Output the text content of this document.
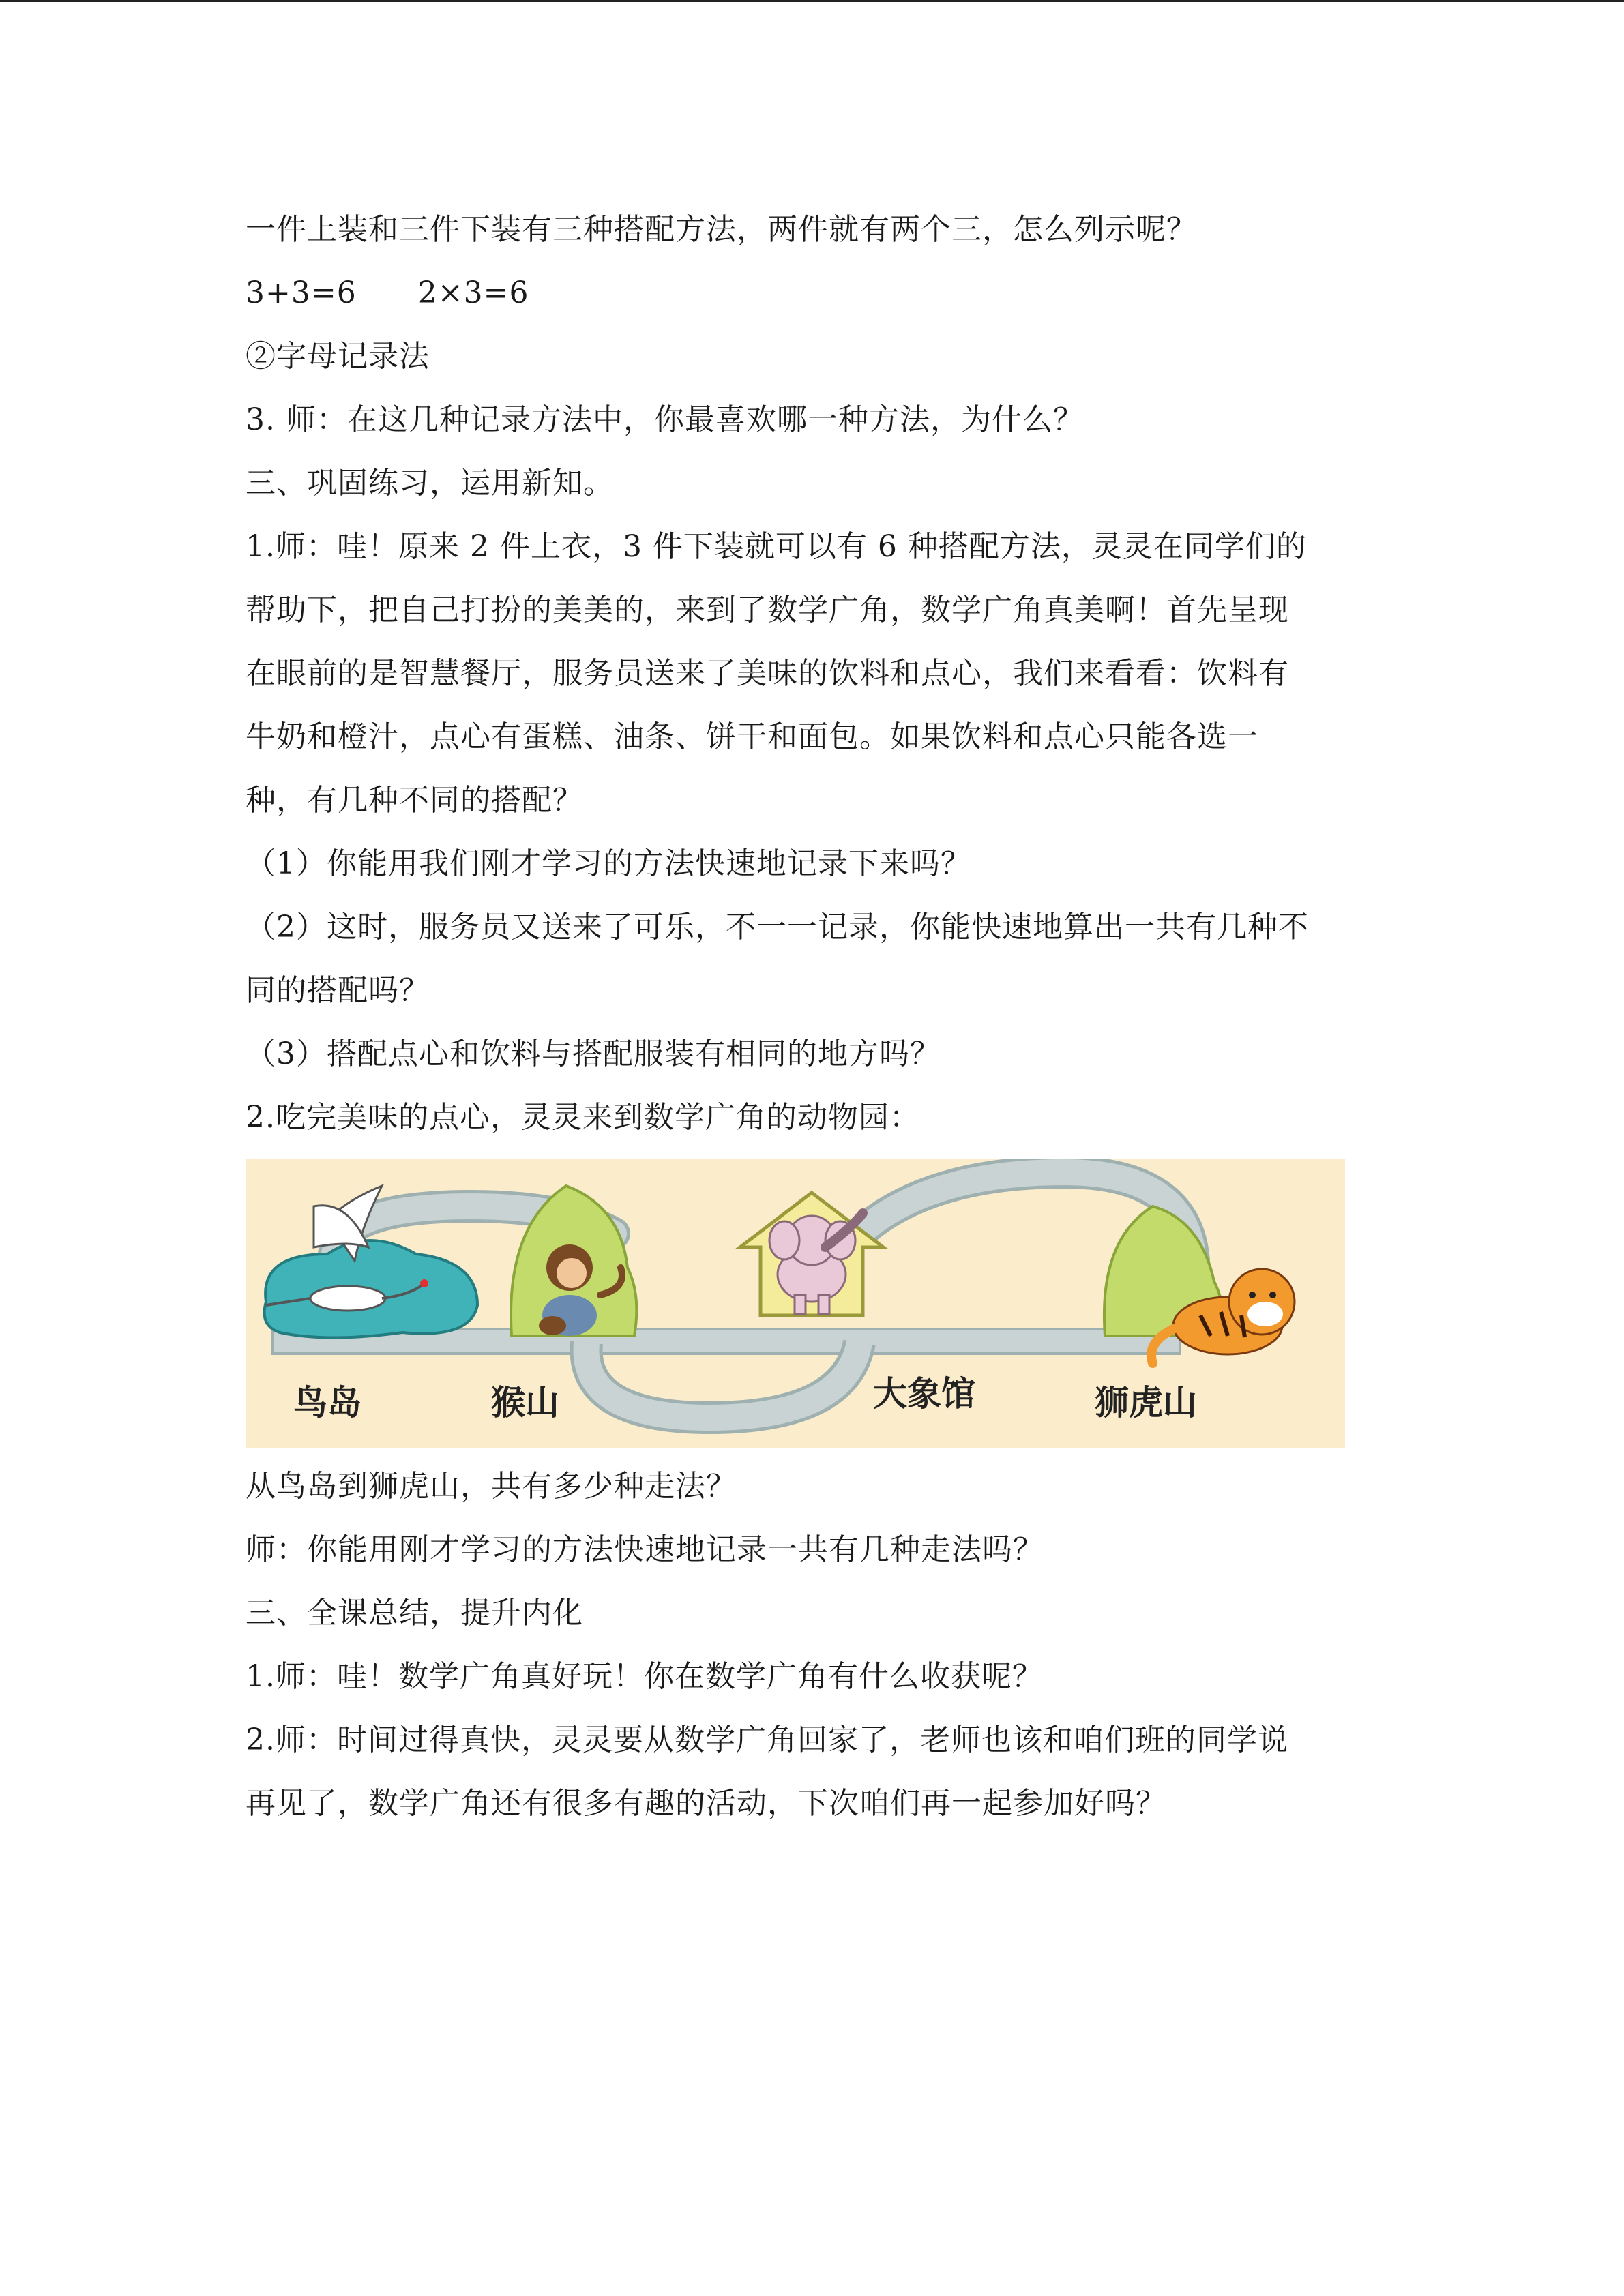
一件上装和三件下装有三种搭配方法，两件就有两个三，怎么列示呢？
3+3=6　　2×3=6
②字母记录法
3. 师：在这几种记录方法中，你最喜欢哪一种方法，为什么？
三、巩固练习，运用新知。
1.师：哇！原来 2 件上衣，3 件下装就可以有 6 种搭配方法，灵灵在同学们的
帮助下，把自己打扮的美美的，来到了数学广角，数学广角真美啊！首先呈现
在眼前的是智慧餐厅，服务员送来了美味的饮料和点心，我们来看看：饮料有
牛奶和橙汁，点心有蛋糕、油条、饼干和面包。如果饮料和点心只能各选一
种，有几种不同的搭配？
（1）你能用我们刚才学习的方法快速地记录下来吗？
（2）这时，服务员又送来了可乐，不一一记录，你能快速地算出一共有几种不
同的搭配吗？
（3）搭配点心和饮料与搭配服装有相同的地方吗？
2.吃完美味的点心，灵灵来到数学广角的动物园：
鸟岛	猴山	大象馆	狮虎山
从鸟岛到狮虎山，共有多少种走法？
师：你能用刚才学习的方法快速地记录一共有几种走法吗？
三、全课总结，提升内化
1.师：哇！数学广角真好玩！你在数学广角有什么收获呢？
2.师：时间过得真快，灵灵要从数学广角回家了，老师也该和咱们班的同学说
再见了，数学广角还有很多有趣的活动，下次咱们再一起参加好吗？
